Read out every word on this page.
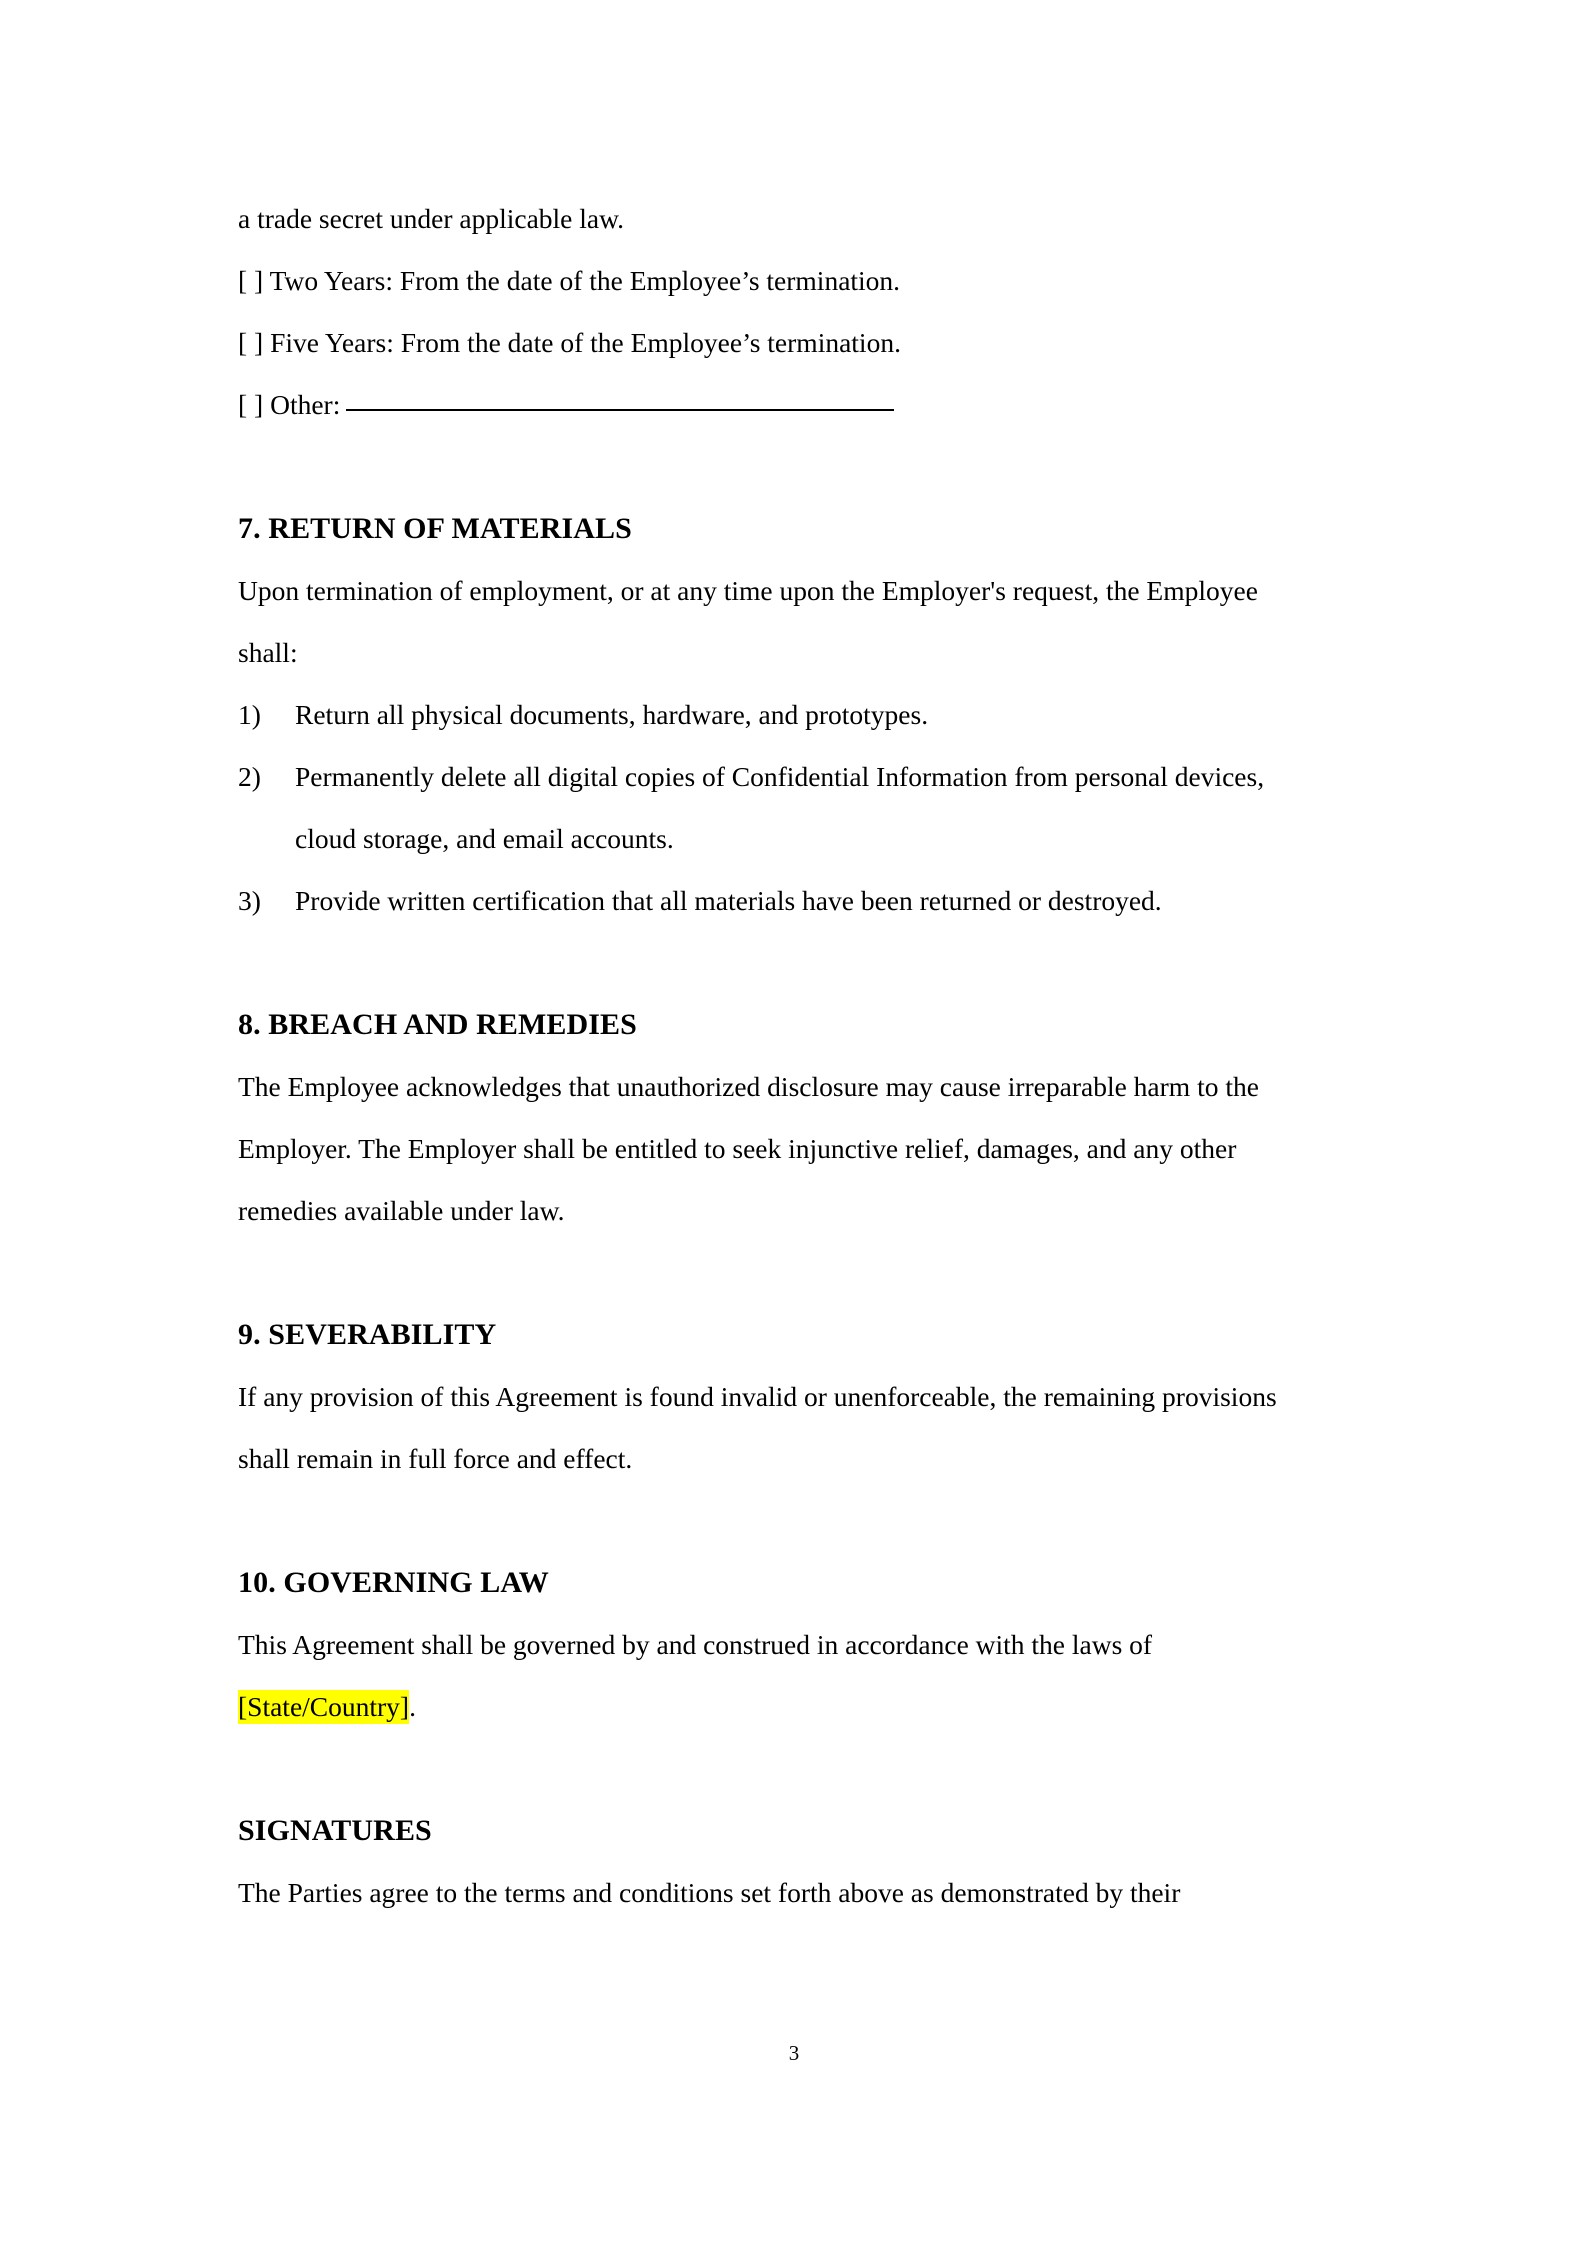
a trade secret under applicable law.

[ ] Two Years: From the date of the Employee’s termination.

[ ] Five Years: From the date of the Employee’s termination.

[ ] Other:

7. RETURN OF MATERIALS

Upon termination of employment, or at any time upon the Employer's request, the Employee shall:

1)	Return all physical documents, hardware, and prototypes.
2)	Permanently delete all digital copies of Confidential Information from personal devices, cloud storage, and email accounts.
3)	Provide written certification that all materials have been returned or destroyed.
8. BREACH AND REMEDIES

The Employee acknowledges that unauthorized disclosure may cause irreparable harm to the Employer. The Employer shall be entitled to seek injunctive relief, damages, and any other remedies available under law.

9. SEVERABILITY

If any provision of this Agreement is found invalid or unenforceable, the remaining provisions shall remain in full force and effect.

10. GOVERNING LAW

This Agreement shall be governed by and construed in accordance with the laws of [State/Country].

SIGNATURES

The Parties agree to the terms and conditions set forth above as demonstrated by their

3
